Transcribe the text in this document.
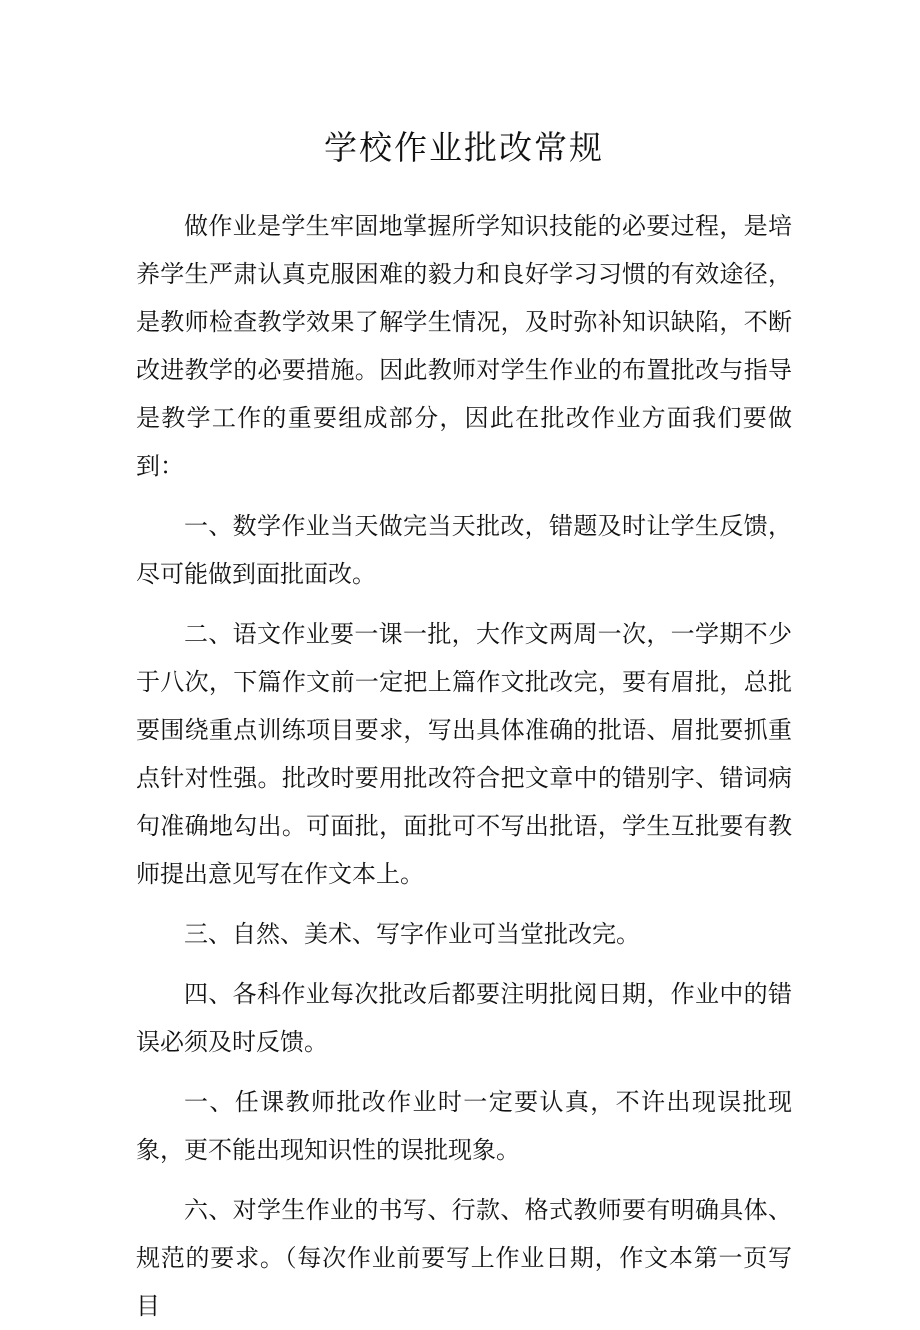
学校作业批改常规

做作业是学生牢固地掌握所学知识技能的必要过程，是培养学生严肃认真克服困难的毅力和良好学习习惯的有效途径，是教师检查教学效果了解学生情况，及时弥补知识缺陷，不断改进教学的必要措施。因此教师对学生作业的布置批改与指导是教学工作的重要组成部分，因此在批改作业方面我们要做到：

一、数学作业当天做完当天批改，错题及时让学生反馈，尽可能做到面批面改。

二、语文作业要一课一批，大作文两周一次，一学期不少于八次，下篇作文前一定把上篇作文批改完，要有眉批，总批要围绕重点训练项目要求，写出具体准确的批语、眉批要抓重点针对性强。批改时要用批改符合把文章中的错别字、错词病句准确地勾出。可面批，面批可不写出批语，学生互批要有教师提出意见写在作文本上。

三、自然、美术、写字作业可当堂批改完。

四、各科作业每次批改后都要注明批阅日期，作业中的错误必须及时反馈。

一、任课教师批改作业时一定要认真，不许出现误批现象，更不能出现知识性的误批现象。

六、对学生作业的书写、行款、格式教师要有明确具体、规范的要求。（每次作业前要写上作业日期，作文本第一页写目
